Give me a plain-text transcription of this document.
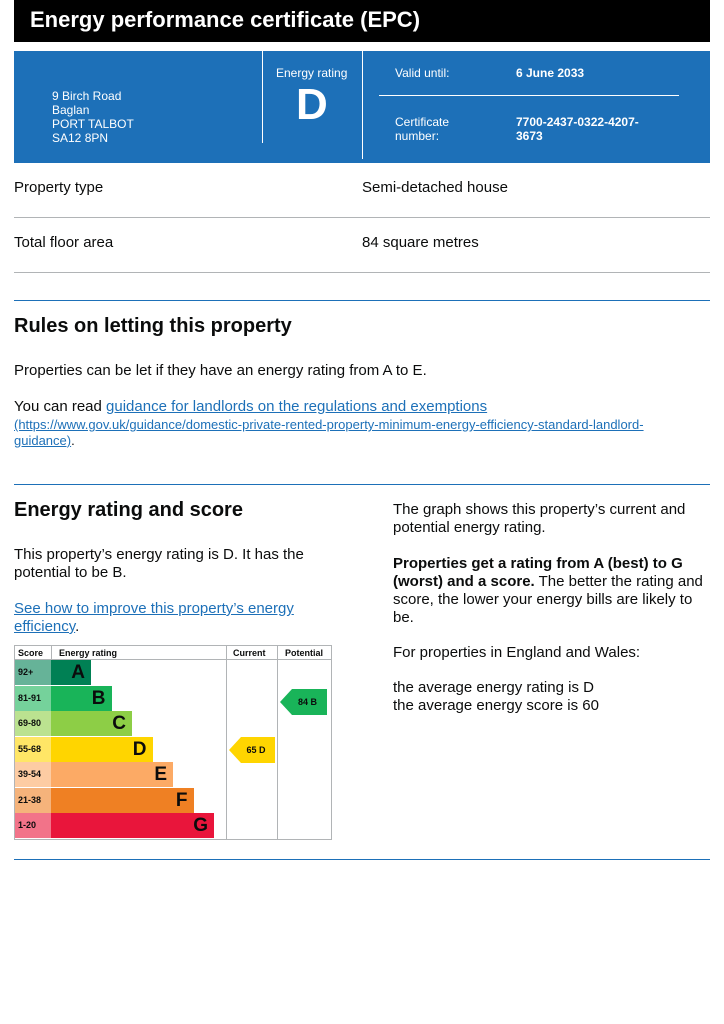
Energy performance certificate (EPC)
9 Birch Road
Baglan
PORT TALBOT
SA12 8PN
Energy rating
D
Valid until:	6 June 2033
Certificate
number:
7700-2437-0322-4207-
3673
Property type	Semi-detached house
Total floor area	84 square metres
Rules on letting this property
Properties can be let if they have an energy rating from A to E.
You can read guidance for landlords on the regulations and exemptions
(https://www.gov.uk/guidance/domestic-private-rented-property-minimum-energy-efficiency-standard-landlord-
guidance).
Energy rating and score
This property’s energy rating is D. It has the potential to be B.
See how to improve this property’s energy
efficiency.
The graph shows this property’s current and potential energy rating.
Properties get a rating from A (best) to G (worst) and a score. The better the rating and score, the lower your energy bills are likely to be.
For properties in England and Wales:
the average energy rating is D
the average energy score is 60
Score Energy rating	Current Potential
92+	A
81-91	B
69-80	C
55-68	D
39-54	E
21-38	F
1-20	G
65 D
84 B
